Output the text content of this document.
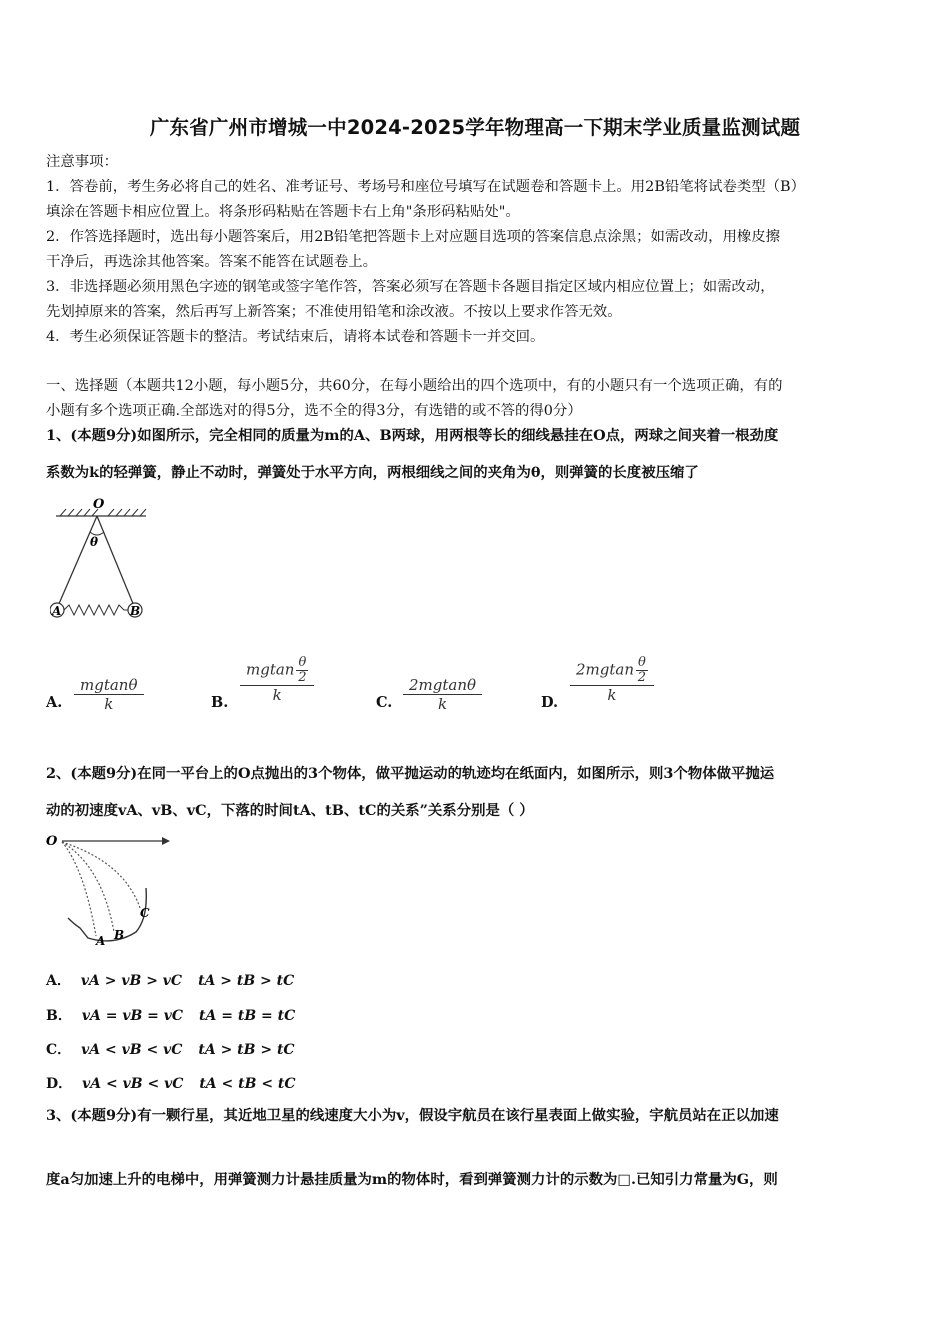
广东省广州市增城一中2024-2025学年物理高一下期末学业质量监测试题
注意事项：
1．答卷前，考生务必将自己的姓名、准考证号、考场号和座位号填写在试题卷和答题卡上。用2B铅笔将试卷类型（B）
填涂在答题卡相应位置上。将条形码粘贴在答题卡右上角"条形码粘贴处"。
2．作答选择题时，选出每小题答案后，用2B铅笔把答题卡上对应题目选项的答案信息点涂黑；如需改动，用橡皮擦
干净后，再选涂其他答案。答案不能答在试题卷上。
3．非选择题必须用黑色字迹的钢笔或签字笔作答，答案必须写在答题卡各题目指定区域内相应位置上；如需改动，
先划掉原来的答案，然后再写上新答案；不准使用铅笔和涂改液。不按以上要求作答无效。
4．考生必须保证答题卡的整洁。考试结束后，请将本试卷和答题卡一并交回。
一、选择题（本题共12小题，每小题5分，共60分，在每小题给出的四个选项中，有的小题只有一个选项正确，有的
小题有多个选项正确.全部选对的得5分，选不全的得3分，有选错的或不答的得0分）
1、(本题9分)如图所示，完全相同的质量为m的A、B两球，用两根等长的细线悬挂在O点，两球之间夹着一根劲度
系数为k的轻弹簧，静止不动时，弹簧处于水平方向，两根细线之间的夹角为θ，则弹簧的长度被压缩了
O
θ
A	B
A. $\frac{mgtan\theta}{k}$	B. $\frac{mgtan \frac{\theta}{2}}{k}$	C. $\frac{2mgtan\theta}{k}$	D. $\frac{2mgtan \frac{\theta}{2}}{k}$
2、(本题9分)在同一平台上的O点抛出的3个物体，做平抛运动的轨迹均在纸面内，如图所示，则3个物体做平抛运
动的初速度vA、vB、vC，下落的时间tA、tB、tC的关系”关系分别是（ ）
O
A B
C
A． vA > vB > vC tA > tB > tC
B． vA = vB = vC tA = tB = tC
C． vA < vB < vC tA > tB > tC
D． vA < vB < vC tA < tB < tC
3、(本题9分)有一颗行星，其近地卫星的线速度大小为v，假设宇航员在该行星表面上做实验，宇航员站在正以加速
度a匀加速上升的电梯中，用弹簧测力计悬挂质量为m的物体时，看到弹簧测力计的示数为□.已知引力常量为G，则
